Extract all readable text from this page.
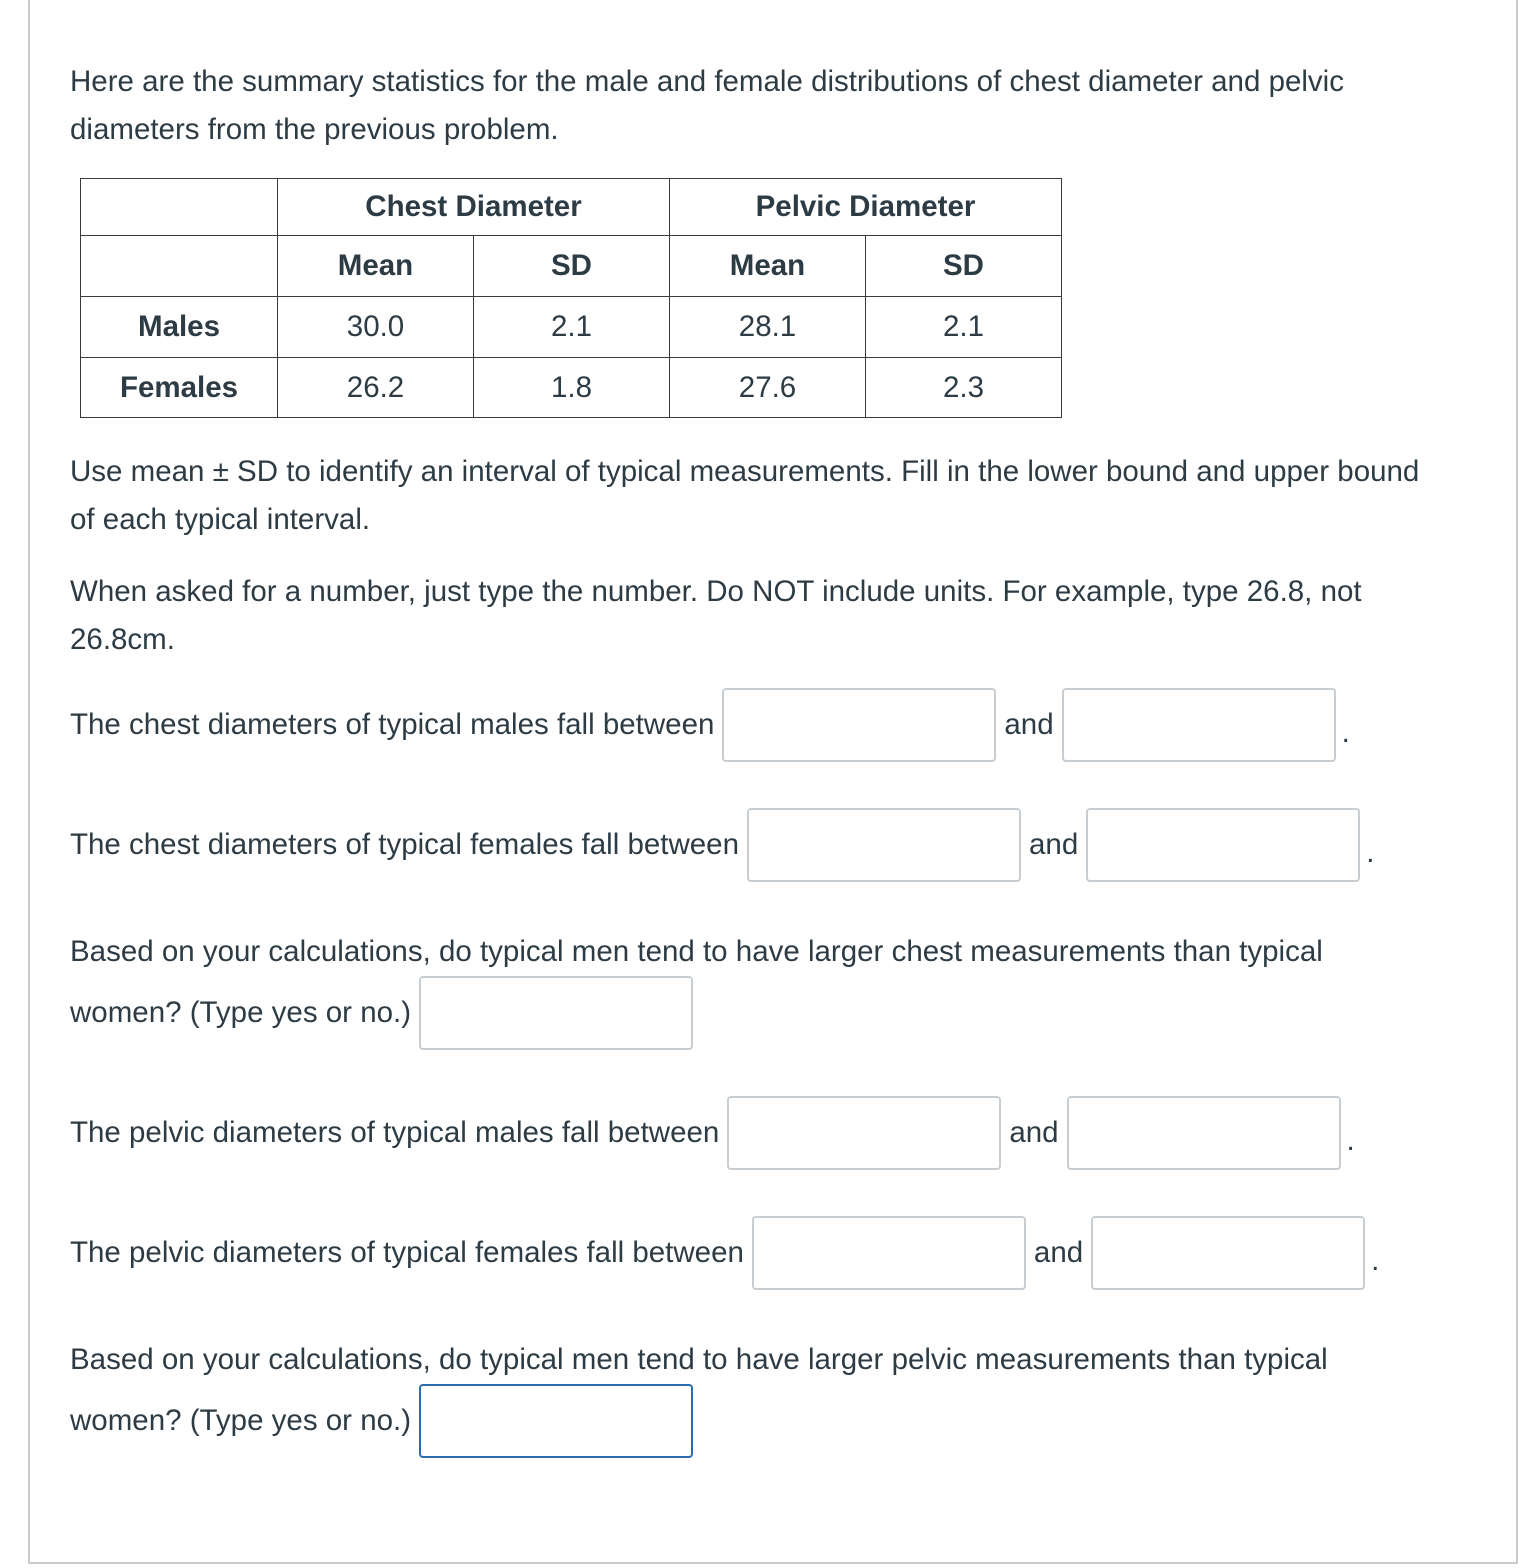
Here are the summary statistics for the male and female distributions of chest diameter and pelvic diameters from the previous problem.

	Chest Diameter		Pelvic Diameter	
	Mean	SD	Mean	SD
Males	30.0	2.1	28.1	2.1
Females	26.2	1.8	27.6	2.3
Use mean ± SD to identify an interval of typical measurements. Fill in the lower bound and upper bound of each typical interval.
When asked for a number, just type the number. Do NOT include units. For example, type 26.8, not 26.8cm.
The chest diameters of typical males fall between	and	.
The chest diameters of typical females fall between	and	.
Based on your calculations, do typical men tend to have larger chest measurements than typical
women? (Type yes or no.)
The pelvic diameters of typical males fall between	and	.
The pelvic diameters of typical females fall between	and	.
Based on your calculations, do typical men tend to have larger pelvic measurements than typical
women? (Type yes or no.)
